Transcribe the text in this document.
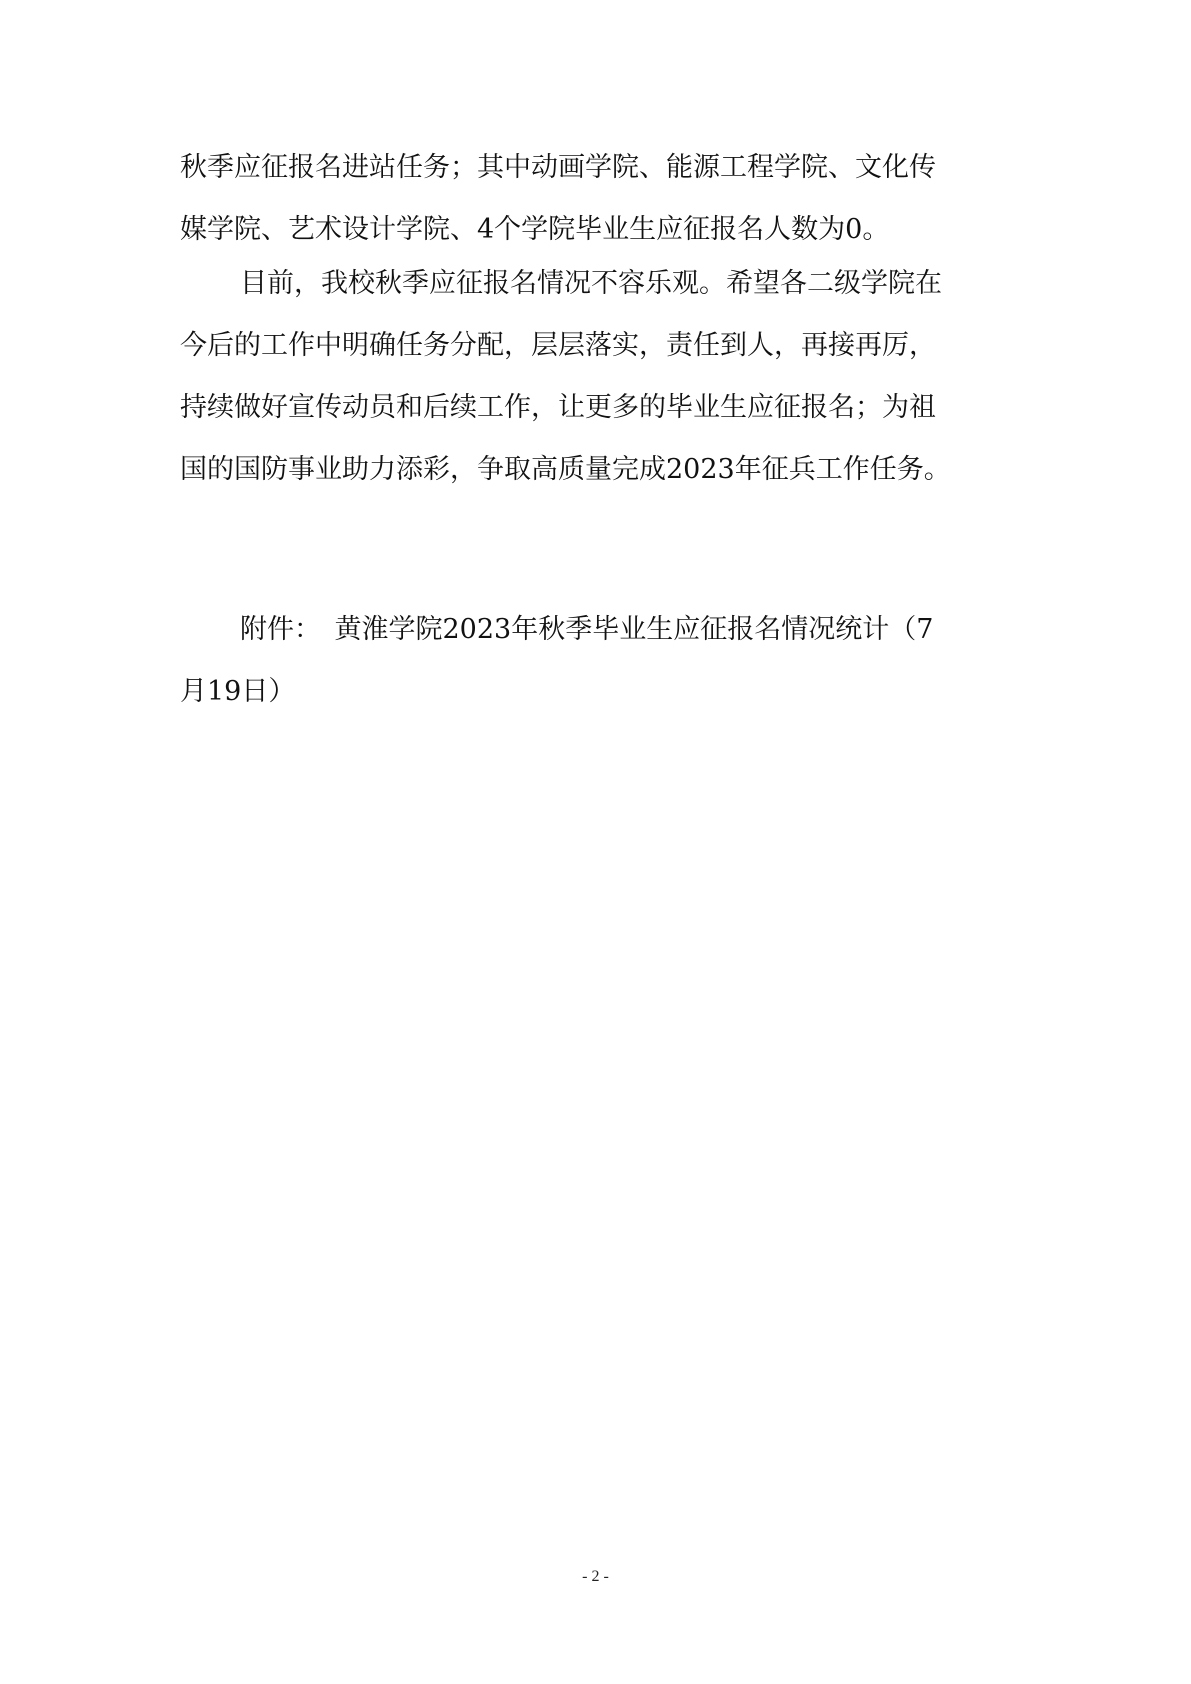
秋季应征报名进站任务；其中动画学院、能源工程学院、文化传
媒学院、艺术设计学院、4个学院毕业生应征报名人数为0。
目前，我校秋季应征报名情况不容乐观。希望各二级学院在
今后的工作中明确任务分配，层层落实，责任到人，再接再厉，
持续做好宣传动员和后续工作，让更多的毕业生应征报名；为祖
国的国防事业助力添彩，争取高质量完成2023年征兵工作任务。
附件：　黄淮学院2023年秋季毕业生应征报名情况统计（7
月19日）
- 2 -
